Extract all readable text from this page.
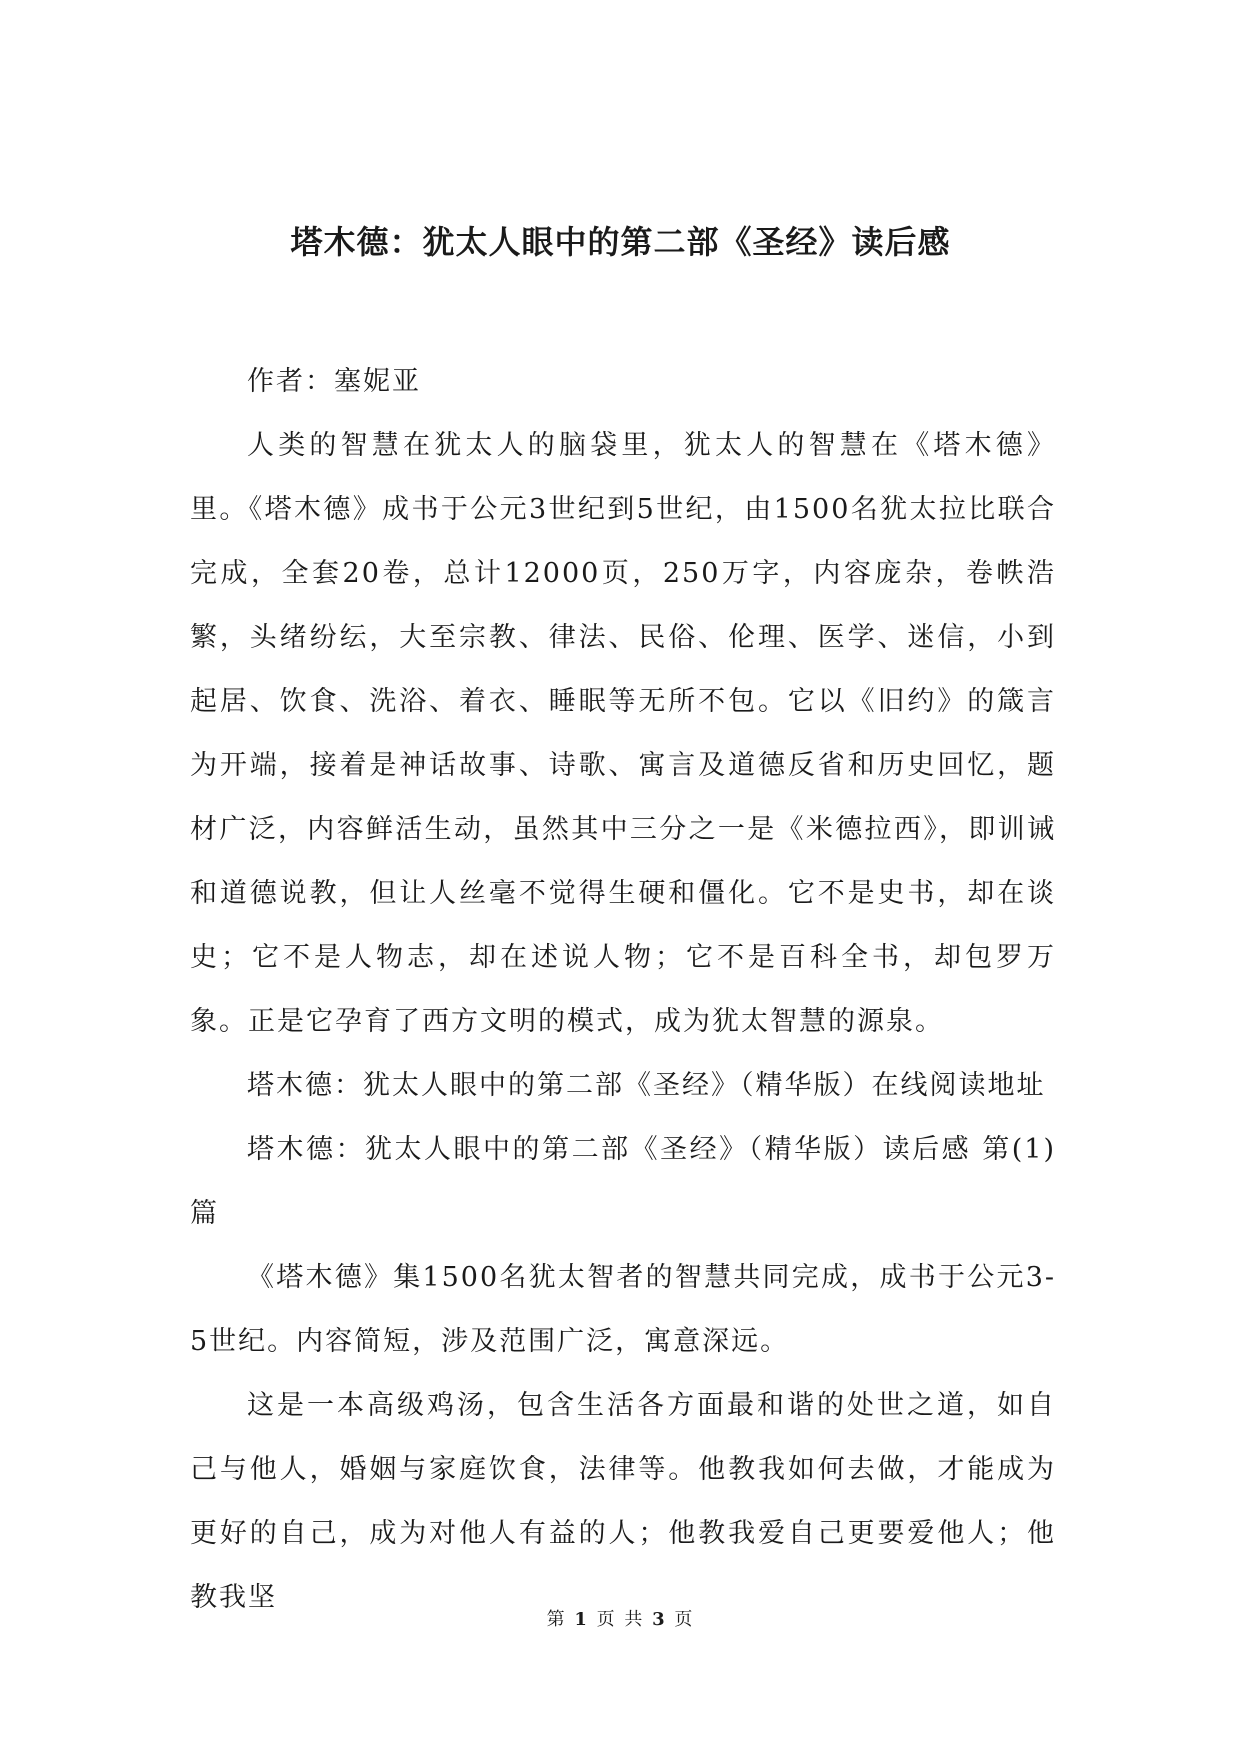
塔木德：犹太人眼中的第二部《圣经》读后感

作者：塞妮亚

人类的智慧在犹太人的脑袋里，犹太人的智慧在《塔木德》里。《塔木德》成书于公元3世纪到5世纪，由1500名犹太拉比联合完成，全套20卷，总计12000页，250万字，内容庞杂，卷帙浩繁，头绪纷纭，大至宗教、律法、民俗、伦理、医学、迷信，小到起居、饮食、洗浴、着衣、睡眠等无所不包。它以《旧约》的箴言为开端，接着是神话故事、诗歌、寓言及道德反省和历史回忆，题材广泛，内容鲜活生动，虽然其中三分之一是《米德拉西》，即训诫和道德说教，但让人丝毫不觉得生硬和僵化。它不是史书，却在谈史；它不是人物志，却在述说人物；它不是百科全书，却包罗万象。正是它孕育了西方文明的模式，成为犹太智慧的源泉。

塔木德：犹太人眼中的第二部《圣经》（精华版）在线阅读地址

塔木德：犹太人眼中的第二部《圣经》（精华版）读后感 第(1)篇

《塔木德》集1500名犹太智者的智慧共同完成，成书于公元3-5世纪。内容简短，涉及范围广泛，寓意深远。

这是一本高级鸡汤，包含生活各方面最和谐的处世之道，如自己与他人，婚姻与家庭饮食，法律等。他教我如何去做，才能成为更好的自己，成为对他人有益的人；他教我爱自己更要爱他人；他教我坚

第 1 页 共 3 页
